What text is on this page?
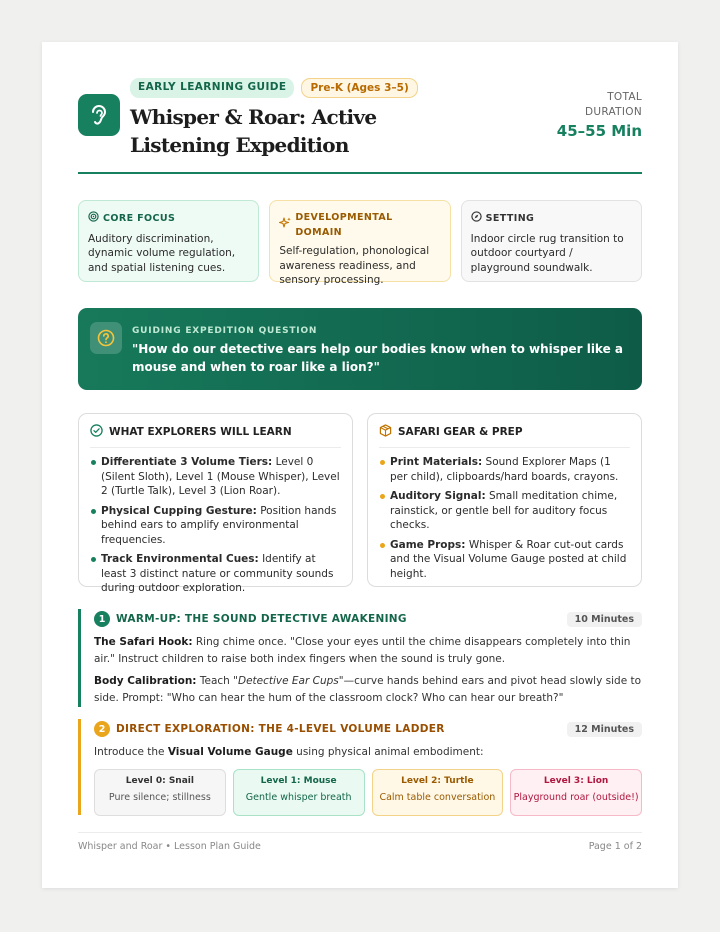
EARLY LEARNING GUIDE	Pre-K (Ages 3–5)
Whisper & Roar: Active Listening Expedition
TOTAL
DURATION
45–55 Min
CORE FOCUS
Auditory discrimination, dynamic volume regulation, and spatial listening cues.
DEVELOPMENTAL DOMAIN
Self-regulation, phonological awareness readiness, and sensory processing.
SETTING
Indoor circle rug transition to outdoor courtyard / playground soundwalk.
GUIDING EXPEDITION QUESTION
"How do our detective ears help our bodies know when to whisper like a mouse and when to roar like a lion?"
WHAT EXPLORERS WILL LEARN
Differentiate 3 Volume Tiers: Level 0 (Silent Sloth), Level 1 (Mouse Whisper), Level 2 (Turtle Talk), Level 3 (Lion Roar).
Physical Cupping Gesture: Position hands behind ears to amplify environmental frequencies.
Track Environmental Cues: Identify at least 3 distinct nature or community sounds during outdoor exploration.
SAFARI GEAR & PREP
Print Materials: Sound Explorer Maps (1 per child), clipboards/hard boards, crayons.
Auditory Signal: Small meditation chime, rainstick, or gentle bell for auditory focus checks.
Game Props: Whisper & Roar cut-out cards and the Visual Volume Gauge posted at child height.
1	WARM-UP: THE SOUND DETECTIVE AWAKENING	10 Minutes

The Safari Hook: Ring chime once. "Close your eyes until the chime disappears completely into thin air." Instruct children to raise both index fingers when the sound is truly gone.

Body Calibration: Teach "Detective Ear Cups"—curve hands behind ears and pivot head slowly side to side. Prompt: "Who can hear the hum of the classroom clock? Who can hear our breath?"

2	DIRECT EXPLORATION: THE 4-LEVEL VOLUME LADDER	12 Minutes

Introduce the Visual Volume Gauge using physical animal embodiment:

Level 0: Snail
Pure silence; stillness
Level 1: Mouse
Gentle whisper breath
Level 2: Turtle
Calm table conversation
Level 3: Lion
Playground roar (outside!)
Whisper and Roar • Lesson Plan Guide	Page 1 of 2
